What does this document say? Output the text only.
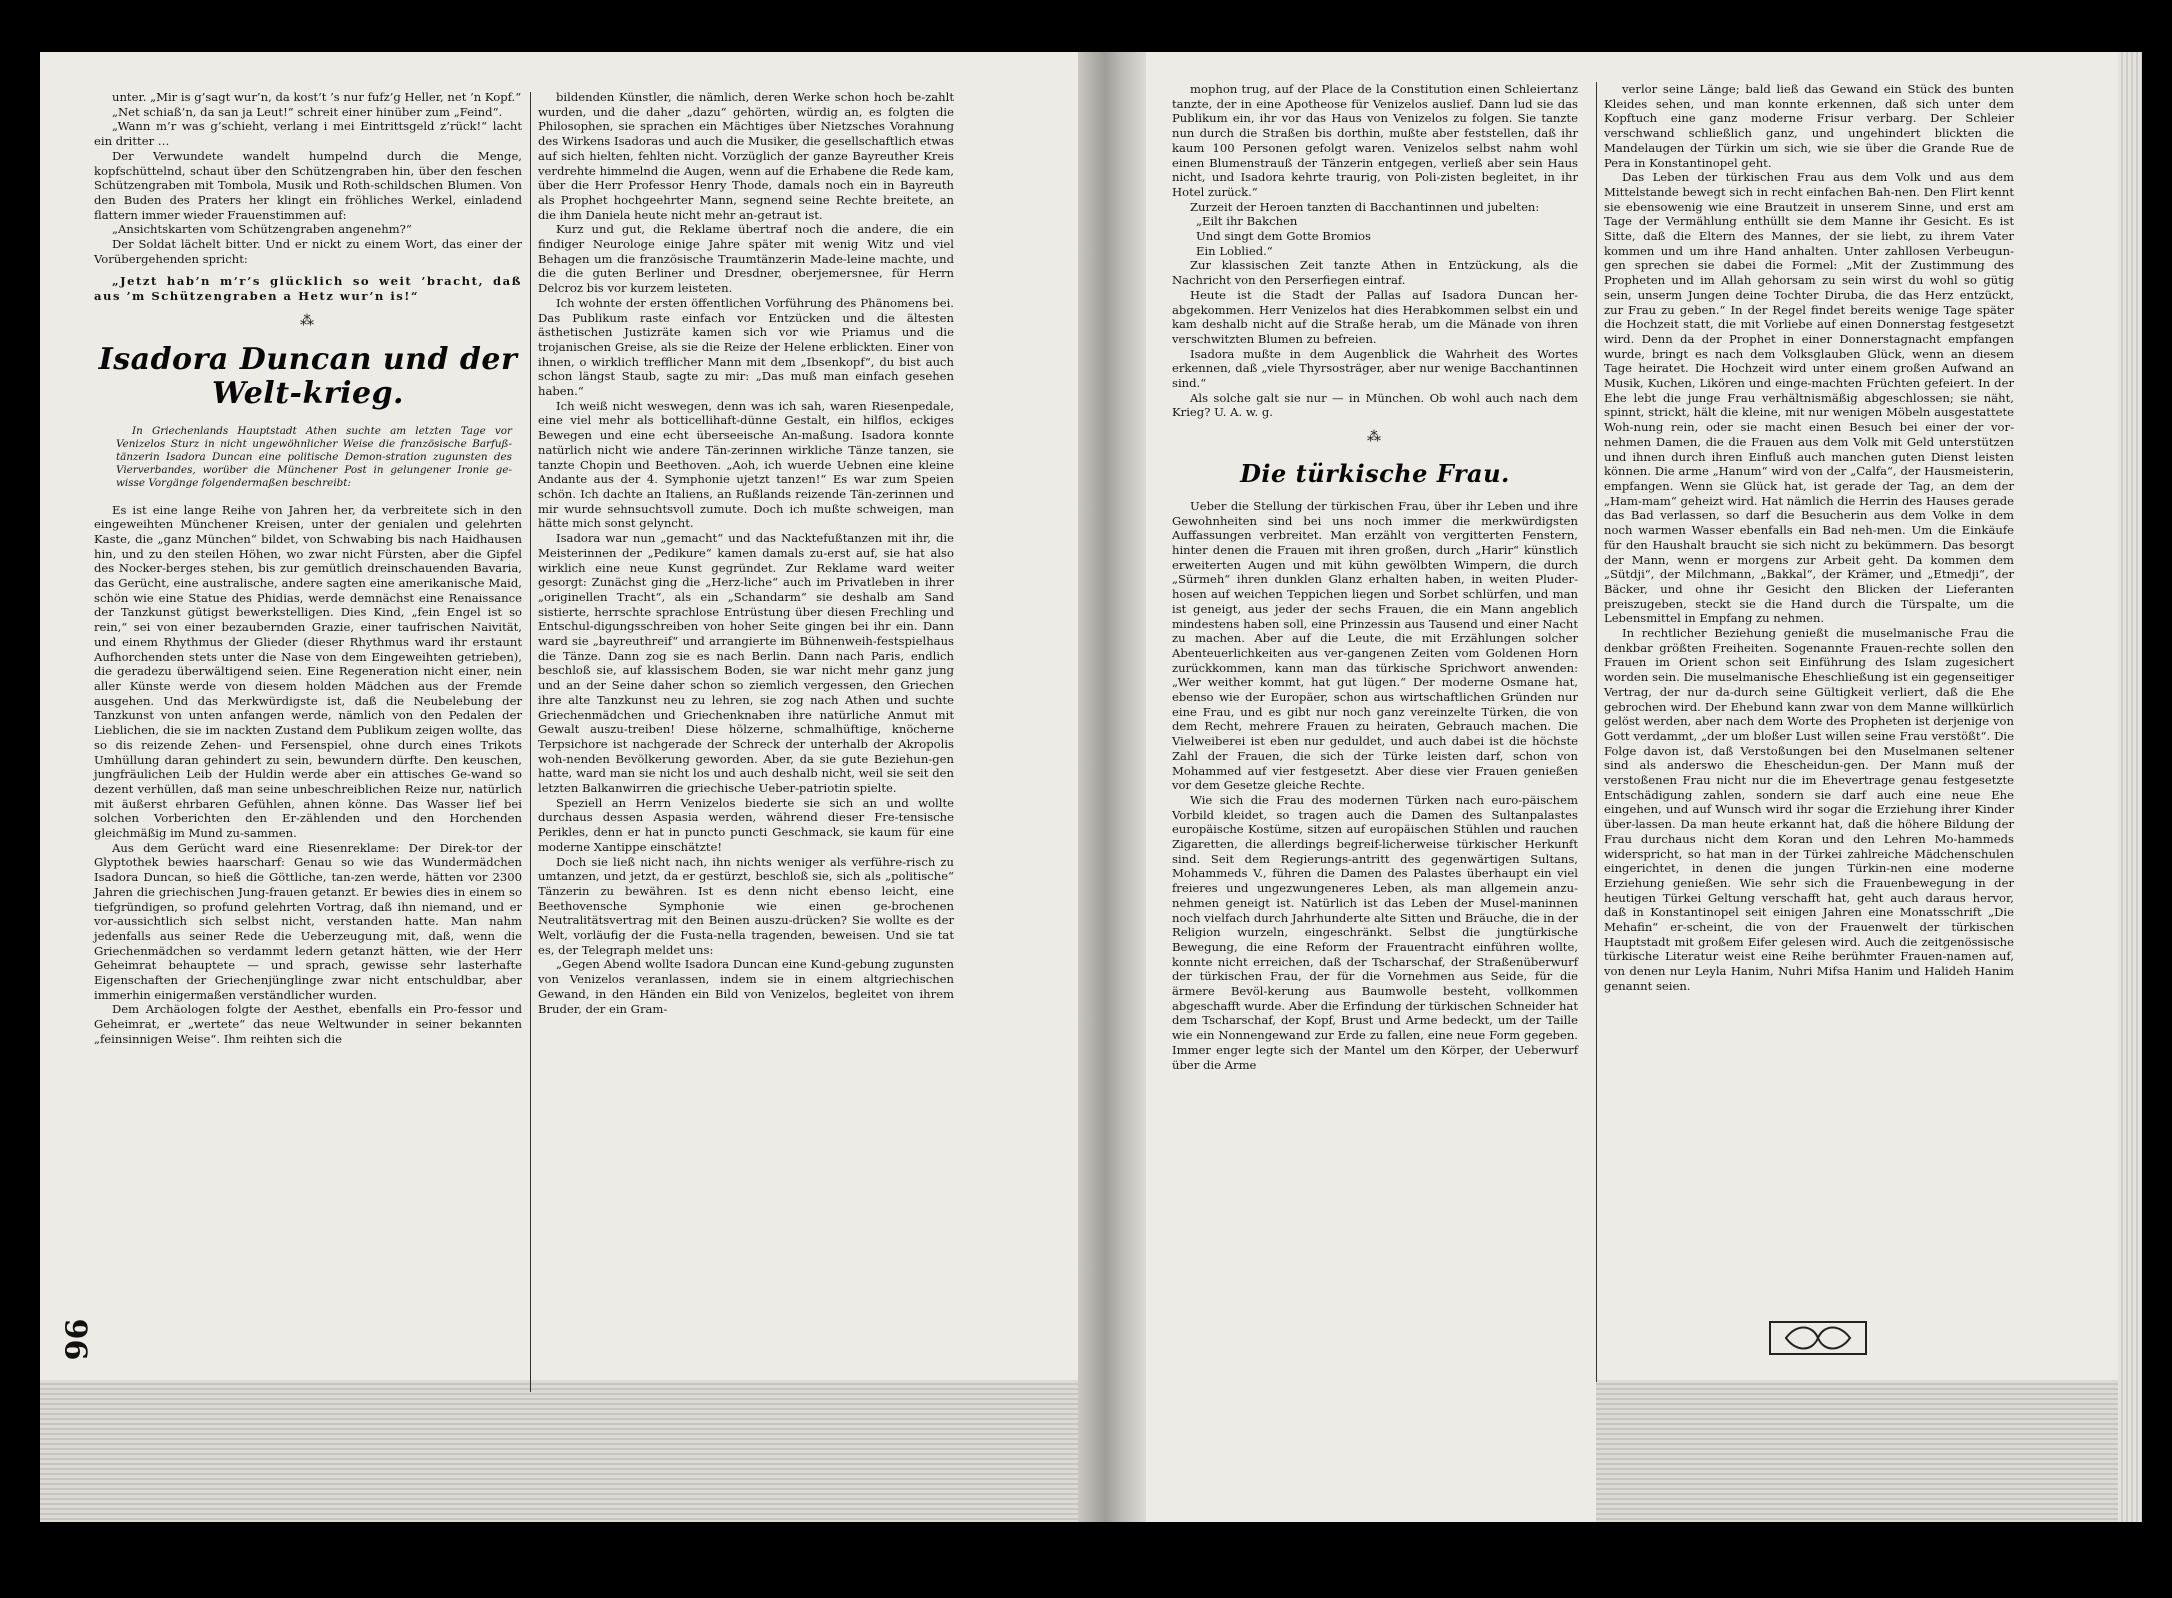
96

unter. „Mir is g’sagt wur’n, da kost’t ’s nur fufz’g Heller, net ’n Kopf.“

„Net schiaß’n, da san ja Leut!“ schreit einer hinüber zum „Feind“.

„Wann m’r was g’schieht, verlang i mei Eintrittsgeld z’rück!“ lacht ein dritter …

Der Verwundete wandelt humpelnd durch die Menge, kopfschüttelnd, schaut über den Schützengraben hin, über den feschen Schützengraben mit Tombola, Musik und Roth-schildschen Blumen. Von den Buden des Praters her klingt ein fröhliches Werkel, einladend flattern immer wieder Frauenstimmen auf:

„Ansichtskarten vom Schützengraben angenehm?“

Der Soldat lächelt bitter. Und er nickt zu einem Wort, das einer der Vorübergehenden spricht:

„Jetzt hab’n m’r’s glücklich so weit ’bracht, daß aus ’m Schützengraben a Hetz wur’n is!“

⁂
Isadora Duncan und der Welt-krieg.

In Griechenlands Hauptstadt Athen suchte am letzten Tage vor Venizelos Sturz in nicht ungewöhnlicher Weise die französische Barfuß-tänzerin Isadora Duncan eine politische Demon-stration zugunsten des Vierverbandes, worüber die Münchener Post in gelungener Ironie ge-wisse Vorgänge folgendermaßen beschreibt:

Es ist eine lange Reihe von Jahren her, da verbreitete sich in den eingeweihten Münchener Kreisen, unter der genialen und gelehrten Kaste, die „ganz München“ bildet, von Schwabing bis nach Haidhausen hin, und zu den steilen Höhen, wo zwar nicht Fürsten, aber die Gipfel des Nocker-berges stehen, bis zur gemütlich dreinschauenden Bavaria, das Gerücht, eine australische, andere sagten eine amerikanische Maid, schön wie eine Statue des Phidias, werde demnächst eine Renaissance der Tanzkunst gütigst bewerkstelligen. Dies Kind, „fein Engel ist so rein,“ sei von einer bezaubernden Grazie, einer taufrischen Naivität, und einem Rhythmus der Glieder (dieser Rhythmus ward ihr erstaunt Aufhorchenden stets unter die Nase von dem Eingeweihten getrieben), die geradezu überwältigend seien. Eine Regeneration nicht einer, nein aller Künste werde von diesem holden Mädchen aus der Fremde ausgehen. Und das Merkwürdigste ist, daß die Neubelebung der Tanzkunst von unten anfangen werde, nämlich von den Pedalen der Lieblichen, die sie im nackten Zustand dem Publikum zeigen wollte, das so dis reizende Zehen- und Fersenspiel, ohne durch eines Trikots Umhüllung daran gehindert zu sein, bewundern dürfte. Den keuschen, jungfräulichen Leib der Huldin werde aber ein attisches Ge-wand so dezent verhüllen, daß man seine unbeschreiblichen Reize nur, natürlich mit äußerst ehrbaren Gefühlen, ahnen könne. Das Wasser lief bei solchen Vorberichten den Er-zählenden und den Horchenden gleichmäßig im Mund zu-sammen.

Aus dem Gerücht ward eine Riesenreklame: Der Direk-tor der Glyptothek bewies haarscharf: Genau so wie das Wundermädchen Isadora Duncan, so hieß die Göttliche, tan-zen werde, hätten vor 2300 Jahren die griechischen Jung-frauen getanzt. Er bewies dies in einem so tiefgründigen, so profund gelehrten Vortrag, daß ihn niemand, und er vor-aussichtlich sich selbst nicht, verstanden hatte. Man nahm jedenfalls aus seiner Rede die Ueberzeugung mit, daß, wenn die Griechenmädchen so verdammt ledern getanzt hätten, wie der Herr Geheimrat behauptete — und sprach, gewisse sehr lasterhafte Eigenschaften der Griechenjünglinge zwar nicht entschuldbar, aber immerhin einigermaßen verständlicher wurden.

Dem Archäologen folgte der Aesthet, ebenfalls ein Pro-fessor und Geheimrat, er „wertete“ das neue Weltwunder in seiner bekannten „feinsinnigen Weise“. Ihm reihten sich die

bildenden Künstler, die nämlich, deren Werke schon hoch be-zahlt wurden, und die daher „dazu“ gehörten, würdig an, es folgten die Philosophen, sie sprachen ein Mächtiges über Nietzsches Vorahnung des Wirkens Isadoras und auch die Musiker, die gesellschaftlich etwas auf sich hielten, fehlten nicht. Vorzüglich der ganze Bayreuther Kreis verdrehte himmelnd die Augen, wenn auf die Erhabene die Rede kam, über die Herr Professor Henry Thode, damals noch ein in Bayreuth als Prophet hochgeehrter Mann, segnend seine Rechte breitete, an die ihm Daniela heute nicht mehr an-getraut ist.

Kurz und gut, die Reklame übertraf noch die andere, die ein findiger Neurologe einige Jahre später mit wenig Witz und viel Behagen um die französische Traumtänzerin Made-leine machte, und die die guten Berliner und Dresdner, oberjemersnee, für Herrn Delcroz bis vor kurzem leisteten.

Ich wohnte der ersten öffentlichen Vorführung des Phänomens bei. Das Publikum raste einfach vor Entzücken und die ältesten ästhetischen Justizräte kamen sich vor wie Priamus und die trojanischen Greise, als sie die Reize der Helene erblickten. Einer von ihnen, o wirklich trefflicher Mann mit dem „Ibsenkopf“, du bist auch schon längst Staub, sagte zu mir: „Das muß man einfach gesehen haben.“

Ich weiß nicht weswegen, denn was ich sah, waren Riesenpedale, eine viel mehr als botticellihaft-dünne Gestalt, ein hilflos, eckiges Bewegen und eine echt überseeische An-maßung. Isadora konnte natürlich nicht wie andere Tän-zerinnen wirkliche Tänze tanzen, sie tanzte Chopin und Beethoven. „Aoh, ich wuerde Uebnen eine kleine Andante aus der 4. Symphonie ujetzt tanzen!“ Es war zum Speien schön. Ich dachte an Italiens, an Rußlands reizende Tän-zerinnen und mir wurde sehnsuchtsvoll zumute. Doch ich mußte schweigen, man hätte mich sonst gelyncht.

Isadora war nun „gemacht“ und das Nacktefußtanzen mit ihr, die Meisterinnen der „Pedikure“ kamen damals zu-erst auf, sie hat also wirklich eine neue Kunst gegründet. Zur Reklame ward weiter gesorgt: Zunächst ging die „Herz-liche“ auch im Privatleben in ihrer „originellen Tracht“, als ein „Schandarm“ sie deshalb am Sand sistierte, herrschte sprachlose Entrüstung über diesen Frechling und Entschul-digungsschreiben von hoher Seite gingen bei ihr ein. Dann ward sie „bayreuthreif“ und arrangierte im Bühnenweih-festspielhaus die Tänze. Dann zog sie es nach Berlin. Dann nach Paris, endlich beschloß sie, auf klassischem Boden, sie war nicht mehr ganz jung und an der Seine daher schon so ziemlich vergessen, den Griechen ihre alte Tanzkunst neu zu lehren, sie zog nach Athen und suchte Griechenmädchen und Griechenknaben ihre natürliche Anmut mit Gewalt auszu-treiben! Diese hölzerne, schmalhüftige, knöcherne Terpsichore ist nachgerade der Schreck der unterhalb der Akropolis woh-nenden Bevölkerung geworden. Aber, da sie gute Beziehun-gen hatte, ward man sie nicht los und auch deshalb nicht, weil sie seit den letzten Balkanwirren die griechische Ueber-patriotin spielte.

Speziell an Herrn Venizelos biederte sie sich an und wollte durchaus dessen Aspasia werden, während dieser Fre-tensische Perikles, denn er hat in puncto puncti Geschmack, sie kaum für eine moderne Xantippe einschätzte!

Doch sie ließ nicht nach, ihn nichts weniger als verführe-risch zu umtanzen, und jetzt, da er gestürzt, beschloß sie, sich als „politische“ Tänzerin zu bewähren. Ist es denn nicht ebenso leicht, eine Beethovensche Symphonie wie einen ge-brochenen Neutralitätsvertrag mit den Beinen auszu-drücken? Sie wollte es der Welt, vorläufig der die Fusta-nella tragenden, beweisen. Und sie tat es, der Telegraph meldet uns:

„Gegen Abend wollte Isadora Duncan eine Kund-gebung zugunsten von Venizelos veranlassen, indem sie in einem altgriechischen Gewand, in den Händen ein Bild von Venizelos, begleitet von ihrem Bruder, der ein Gram-

mophon trug, auf der Place de la Constitution einen Schleiertanz tanzte, der in eine Apotheose für Venizelos auslief. Dann lud sie das Publikum ein, ihr vor das Haus von Venizelos zu folgen. Sie tanzte nun durch die Straßen bis dorthin, mußte aber feststellen, daß ihr kaum 100 Personen gefolgt waren. Venizelos selbst nahm wohl einen Blumenstrauß der Tänzerin entgegen, verließ aber sein Haus nicht, und Isadora kehrte traurig, von Poli-zisten begleitet, in ihr Hotel zurück.“

Zurzeit der Heroen tanzten di Bacchantinnen und jubelten:

„Eilt ihr Bakchen

Und singt dem Gotte Bromios

Ein Loblied.“

Zur klassischen Zeit tanzte Athen in Entzückung, als die Nachricht von den Perserfiegen eintraf.

Heute ist die Stadt der Pallas auf Isadora Duncan her-abgekommen. Herr Venizelos hat dies Herabkommen selbst ein und kam deshalb nicht auf die Straße herab, um die Mänade von ihren verschwitzten Blumen zu befreien.

Isadora mußte in dem Augenblick die Wahrheit des Wortes erkennen, daß „viele Thyrsosträger, aber nur wenige Bacchantinnen sind.“

Als solche galt sie nur — in München. Ob wohl auch nach dem Krieg? U. A. w. g.

⁂
Die türkische Frau.

Ueber die Stellung der türkischen Frau, über ihr Leben und ihre Gewohnheiten sind bei uns noch immer die merkwürdigsten Auffassungen verbreitet. Man erzählt von vergitterten Fenstern, hinter denen die Frauen mit ihren großen, durch „Harir“ künstlich erweiterten Augen und mit kühn gewölbten Wimpern, die durch „Sürmeh“ ihren dunklen Glanz erhalten haben, in weiten Pluder-hosen auf weichen Teppichen liegen und Sorbet schlürfen, und man ist geneigt, aus jeder der sechs Frauen, die ein Mann angeblich mindestens haben soll, eine Prinzessin aus Tausend und einer Nacht zu machen. Aber auf die Leute, die mit Erzählungen solcher Abenteuerlichkeiten aus ver-gangenen Zeiten vom Goldenen Horn zurückkommen, kann man das türkische Sprichwort anwenden: „Wer weither kommt, hat gut lügen.“ Der moderne Osmane hat, ebenso wie der Europäer, schon aus wirtschaftlichen Gründen nur eine Frau, und es gibt nur noch ganz vereinzelte Türken, die von dem Recht, mehrere Frauen zu heiraten, Gebrauch machen. Die Vielweiberei ist eben nur geduldet, und auch dabei ist die höchste Zahl der Frauen, die sich der Türke leisten darf, schon von Mohammed auf vier festgesetzt. Aber diese vier Frauen genießen vor dem Gesetze gleiche Rechte.

Wie sich die Frau des modernen Türken nach euro-päischem Vorbild kleidet, so tragen auch die Damen des Sultanpalastes europäische Kostüme, sitzen auf europäischen Stühlen und rauchen Zigaretten, die allerdings begreif-licherweise türkischer Herkunft sind. Seit dem Regierungs-antritt des gegenwärtigen Sultans, Mohammeds V., führen die Damen des Palastes überhaupt ein viel freieres und ungezwungeneres Leben, als man allgemein anzu-nehmen geneigt ist. Natürlich ist das Leben der Musel-maninnen noch vielfach durch Jahrhunderte alte Sitten und Bräuche, die in der Religion wurzeln, eingeschränkt. Selbst die jungtürkische Bewegung, die eine Reform der Frauentracht einführen wollte, konnte nicht erreichen, daß der Tscharschaf, der Straßenüberwurf der türkischen Frau, der für die Vornehmen aus Seide, für die ärmere Bevöl-kerung aus Baumwolle besteht, vollkommen abgeschafft wurde. Aber die Erfindung der türkischen Schneider hat dem Tscharschaf, der Kopf, Brust und Arme bedeckt, um der Taille wie ein Nonnengewand zur Erde zu fallen, eine neue Form gegeben. Immer enger legte sich der Mantel um den Körper, der Ueberwurf über die Arme

verlor seine Länge; bald ließ das Gewand ein Stück des bunten Kleides sehen, und man konnte erkennen, daß sich unter dem Kopftuch eine ganz moderne Frisur verbarg. Der Schleier verschwand schließlich ganz, und ungehindert blickten die Mandelaugen der Türkin um sich, wie sie über die Grande Rue de Pera in Konstantinopel geht.

Das Leben der türkischen Frau aus dem Volk und aus dem Mittelstande bewegt sich in recht einfachen Bah-nen. Den Flirt kennt sie ebensowenig wie eine Brautzeit in unserem Sinne, und erst am Tage der Vermählung enthüllt sie dem Manne ihr Gesicht. Es ist Sitte, daß die Eltern des Mannes, der sie liebt, zu ihrem Vater kommen und um ihre Hand anhalten. Unter zahllosen Verbeugun-gen sprechen sie dabei die Formel: „Mit der Zustimmung des Propheten und im Allah gehorsam zu sein wirst du wohl so gütig sein, unserm Jungen deine Tochter Diruba, die das Herz entzückt, zur Frau zu geben.“ In der Regel findet bereits wenige Tage später die Hochzeit statt, die mit Vorliebe auf einen Donnerstag festgesetzt wird. Denn da der Prophet in einer Donnerstagnacht empfangen wurde, bringt es nach dem Volksglauben Glück, wenn an diesem Tage heiratet. Die Hochzeit wird unter einem großen Aufwand an Musik, Kuchen, Likören und einge-machten Früchten gefeiert. In der Ehe lebt die junge Frau verhältnismäßig abgeschlossen; sie näht, spinnt, strickt, hält die kleine, mit nur wenigen Möbeln ausgestattete Woh-nung rein, oder sie macht einen Besuch bei einer der vor-nehmen Damen, die die Frauen aus dem Volk mit Geld unterstützen und ihnen durch ihren Einfluß auch manchen guten Dienst leisten können. Die arme „Hanum“ wird von der „Calfa“, der Hausmeisterin, empfangen. Wenn sie Glück hat, ist gerade der Tag, an dem der „Ham-mam“ geheizt wird. Hat nämlich die Herrin des Hauses gerade das Bad verlassen, so darf die Besucherin aus dem Volke in dem noch warmen Wasser ebenfalls ein Bad neh-men. Um die Einkäufe für den Haushalt braucht sie sich nicht zu bekümmern. Das besorgt der Mann, wenn er morgens zur Arbeit geht. Da kommen dem „Sütdji“, der Milchmann, „Bakkal“, der Krämer, und „Etmedji“, der Bäcker, und ohne ihr Gesicht den Blicken der Lieferanten preiszugeben, steckt sie die Hand durch die Türspalte, um die Lebensmittel in Empfang zu nehmen.

In rechtlicher Beziehung genießt die muselmanische Frau die denkbar größten Freiheiten. Sogenannte Frauen-rechte sollen den Frauen im Orient schon seit Einführung des Islam zugesichert worden sein. Die muselmanische Eheschließung ist ein gegenseitiger Vertrag, der nur da-durch seine Gültigkeit verliert, daß die Ehe gebrochen wird. Der Ehebund kann zwar von dem Manne willkürlich gelöst werden, aber nach dem Worte des Propheten ist derjenige von Gott verdammt, „der um bloßer Lust willen seine Frau verstößt“. Die Folge davon ist, daß Verstoßungen bei den Muselmanen seltener sind als anderswo die Ehescheidun-gen. Der Mann muß der verstoßenen Frau nicht nur die im Ehevertrage genau festgesetzte Entschädigung zahlen, sondern sie darf auch eine neue Ehe eingehen, und auf Wunsch wird ihr sogar die Erziehung ihrer Kinder über-lassen. Da man heute erkannt hat, daß die höhere Bildung der Frau durchaus nicht dem Koran und den Lehren Mo-hammeds widerspricht, so hat man in der Türkei zahlreiche Mädchenschulen eingerichtet, in denen die jungen Türkin-nen eine moderne Erziehung genießen. Wie sehr sich die Frauenbewegung in der heutigen Türkei Geltung verschafft hat, geht auch daraus hervor, daß in Konstantinopel seit einigen Jahren eine Monatsschrift „Die Mehafin“ er-scheint, die von der Frauenwelt der türkischen Hauptstadt mit großem Eifer gelesen wird. Auch die zeitgenössische türkische Literatur weist eine Reihe berühmter Frauen-namen auf, von denen nur Leyla Hanim, Nuhri Mifsa Hanim und Halideh Hanim genannt seien.
